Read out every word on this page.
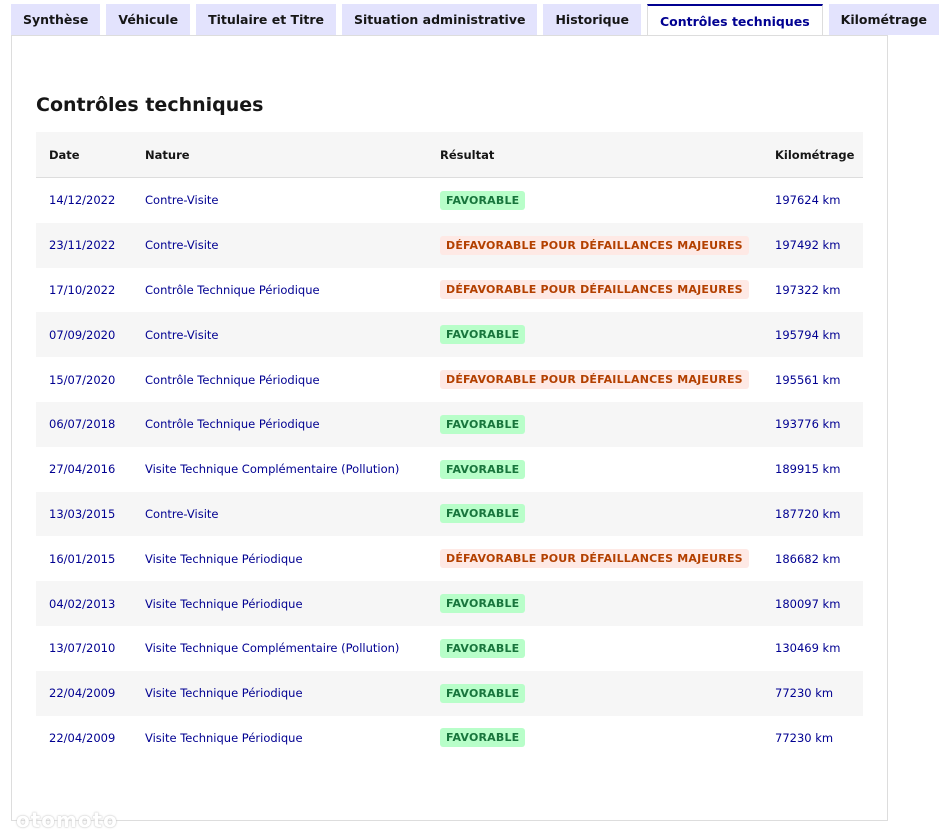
Synthèse	Véhicule	Titulaire et Titre	Situation administrative	Historique	Contrôles techniques	Kilométrage
Contrôles techniques
Date	Nature	Résultat	Kilométrage
14/12/2022	Contre-Visite	FAVORABLE	197624 km
23/11/2022	Contre-Visite	DÉFAVORABLE POUR DÉFAILLANCES MAJEURES	197492 km
17/10/2022	Contrôle Technique Périodique	DÉFAVORABLE POUR DÉFAILLANCES MAJEURES	197322 km
07/09/2020	Contre-Visite	FAVORABLE	195794 km
15/07/2020	Contrôle Technique Périodique	DÉFAVORABLE POUR DÉFAILLANCES MAJEURES	195561 km
06/07/2018	Contrôle Technique Périodique	FAVORABLE	193776 km
27/04/2016	Visite Technique Complémentaire (Pollution)	FAVORABLE	189915 km
13/03/2015	Contre-Visite	FAVORABLE	187720 km
16/01/2015	Visite Technique Périodique	DÉFAVORABLE POUR DÉFAILLANCES MAJEURES	186682 km
04/02/2013	Visite Technique Périodique	FAVORABLE	180097 km
13/07/2010	Visite Technique Complémentaire (Pollution)	FAVORABLE	130469 km
22/04/2009	Visite Technique Périodique	FAVORABLE	77230 km
22/04/2009	Visite Technique Périodique	FAVORABLE	77230 km
otomoto
